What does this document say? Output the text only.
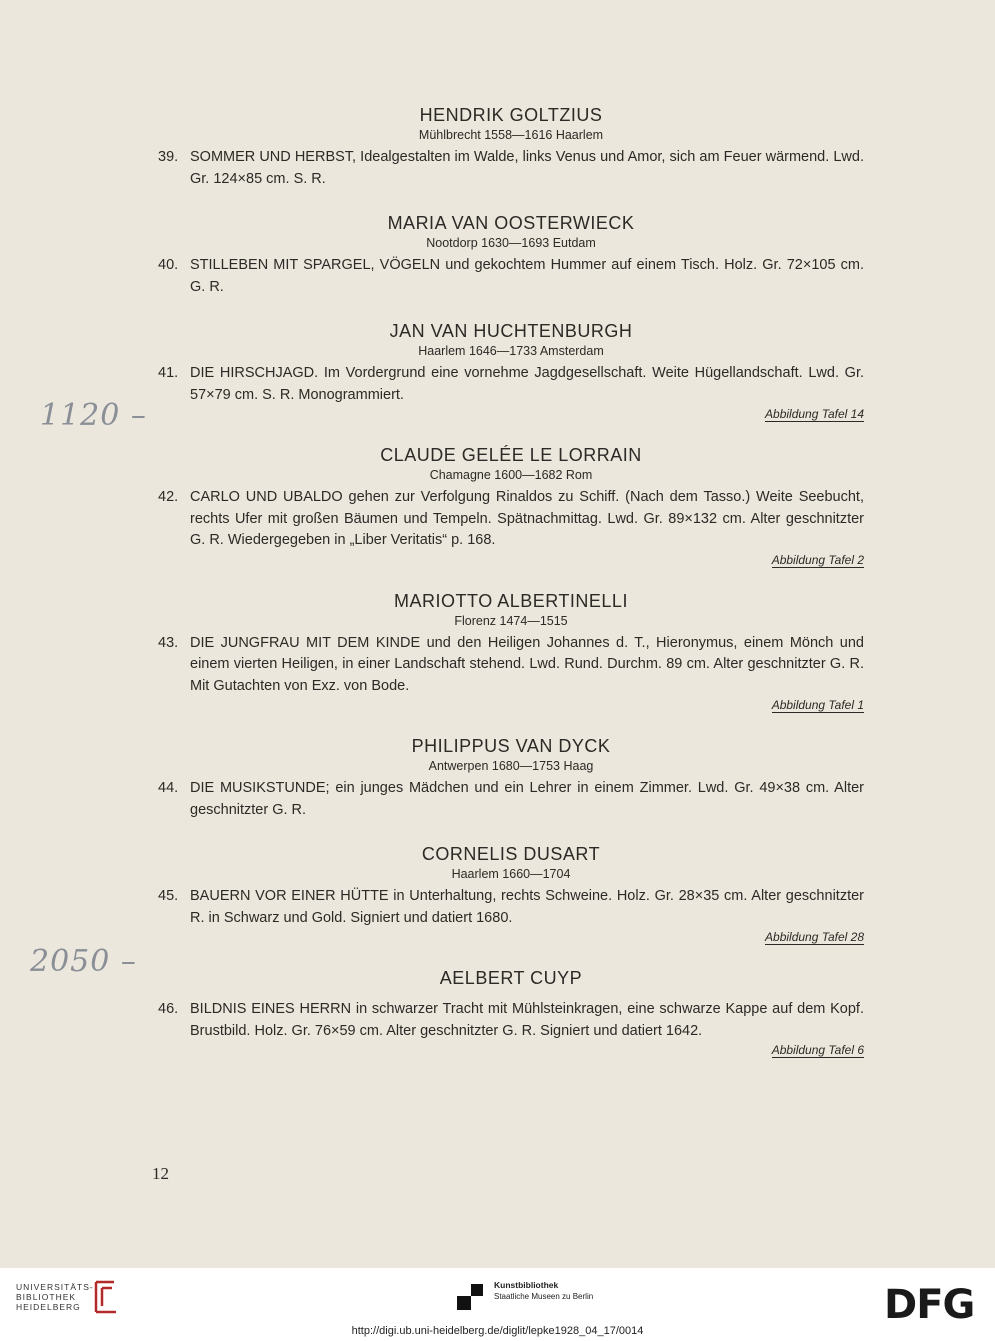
HENDRIK GOLTZIUS
Mühlbrecht 1558—1616 Haarlem
39. SOMMER UND HERBST, Idealgestalten im Walde, links Venus und Amor, sich am Feuer wärmend. Lwd. Gr. 124×85 cm. S. R.
MARIA VAN OOSTERWIECK
Nootdorp 1630—1693 Eutdam
40. STILLEBEN MIT SPARGEL, VÖGELN und gekochtem Hummer auf einem Tisch. Holz. Gr. 72×105 cm. G. R.
JAN VAN HUCHTENBURGH
Haarlem 1646—1733 Amsterdam
41. DIE HIRSCHJAGD. Im Vordergrund eine vornehme Jagdgesellschaft. Weite Hügellandschaft. Lwd. Gr. 57×79 cm. S. R. Monogrammiert.
Abbildung Tafel 14
CLAUDE GELÉE LE LORRAIN
Chamagne 1600—1682 Rom
42. CARLO UND UBALDO gehen zur Verfolgung Rinaldos zu Schiff. (Nach dem Tasso.) Weite Seebucht, rechts Ufer mit großen Bäumen und Tempeln. Spätnachmittag. Lwd. Gr. 89×132 cm. Alter geschnitzter G. R. Wiedergegeben in „Liber Veritatis“ p. 168.
Abbildung Tafel 2
MARIOTTO ALBERTINELLI
Florenz 1474—1515
43. DIE JUNGFRAU MIT DEM KINDE und den Heiligen Johannes d. T., Hieronymus, einem Mönch und einem vierten Heiligen, in einer Landschaft stehend. Lwd. Rund. Durchm. 89 cm. Alter geschnitzter G. R. Mit Gutachten von Exz. von Bode.
Abbildung Tafel 1
PHILIPPUS VAN DYCK
Antwerpen 1680—1753 Haag
44. DIE MUSIKSTUNDE; ein junges Mädchen und ein Lehrer in einem Zimmer. Lwd. Gr. 49×38 cm. Alter geschnitzter G. R.
CORNELIS DUSART
Haarlem 1660—1704
45. BAUERN VOR EINER HÜTTE in Unterhaltung, rechts Schweine. Holz. Gr. 28×35 cm. Alter geschnitzter R. in Schwarz und Gold. Signiert und datiert 1680.
Abbildung Tafel 28
AELBERT CUYP
46. BILDNIS EINES HERRN in schwarzer Tracht mit Mühlsteinkragen, eine schwarze Kappe auf dem Kopf. Brustbild. Holz. Gr. 76×59 cm. Alter geschnitzter G. R. Signiert und datiert 1642.
Abbildung Tafel 6
1120 –
2050 –
12
UNIVERSITÄTS-
BIBLIOTHEK
HEIDELBERG
Kunstbibliothek
Staatliche Museen zu Berlin	DFG
http://digi.ub.uni-heidelberg.de/diglit/lepke1928_04_17/0014
